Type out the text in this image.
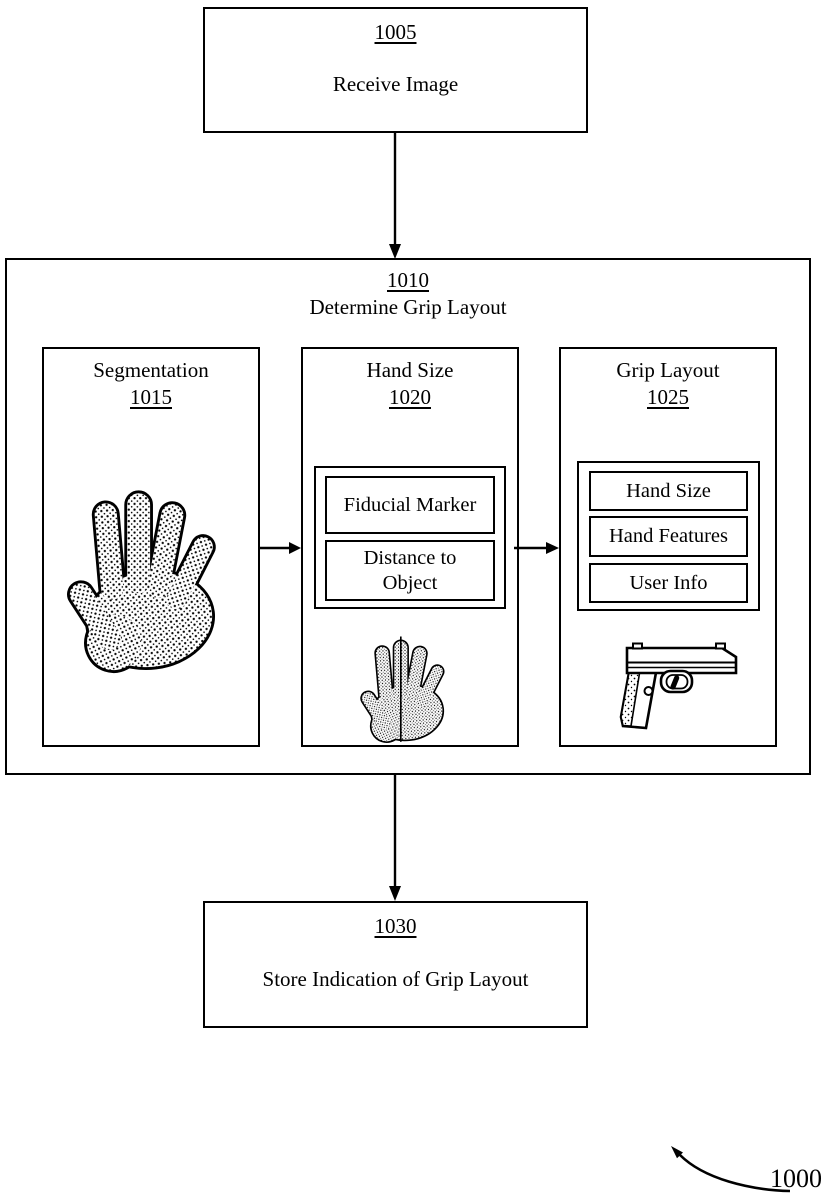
1005
Receive Image
1010
Determine Grip Layout
Segmentation
1015
Hand Size
1020
Fiducial Marker
Distance to Object
Grip Layout
1025
Hand Size
Hand Features
User Info
1030
Store Indication of Grip Layout
1000
